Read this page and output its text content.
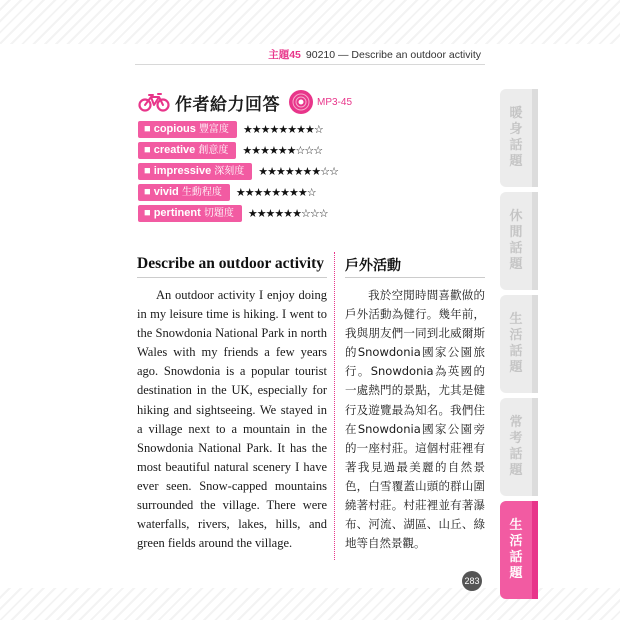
主題45 90210 — Describe an outdoor activity
作者給力回答	MP3-45
■ copious 豐富度	★★★★★★★★☆
■ creative 創意度	★★★★★★☆☆☆
■ impressive 深刻度	★★★★★★★☆☆
■ vivid 生動程度	★★★★★★★★☆
■ pertinent 切題度	★★★★★★☆☆☆
Describe an outdoor activity 戶外活動

An outdoor activity I enjoy doing in my leisure time is hiking. I went to the Snowdonia National Park in north Wales with my friends a few years ago. Snowdonia is a popular tourist destination in the UK, especially for hiking and sightseeing. We stayed in a village next to a mountain in the Snowdonia National Park. It has the most beautiful natural scenery I have ever seen. Snow-capped mountains surrounded the village. There were waterfalls, rivers, lakes, hills, and green fields around the village.

我於空閒時間喜歡做的戶外活動為健行。幾年前，我與朋友們一同到北威爾斯的Snowdonia國家公園旅行。Snowdonia為英國的一處熱門的景點，尤其是健行及遊覽最為知名。我們住在Snowdonia國家公園旁的一座村莊。這個村莊裡有著我見過最美麗的自然景色，白雪覆蓋山頭的群山圍繞著村莊。村莊裡並有著瀑布、河流、湖區、山丘、綠地等自然景觀。

283
暖
身
話
題
休
閒
話
題
生
活
話
題
常
考
話
題
生
活
話
題
